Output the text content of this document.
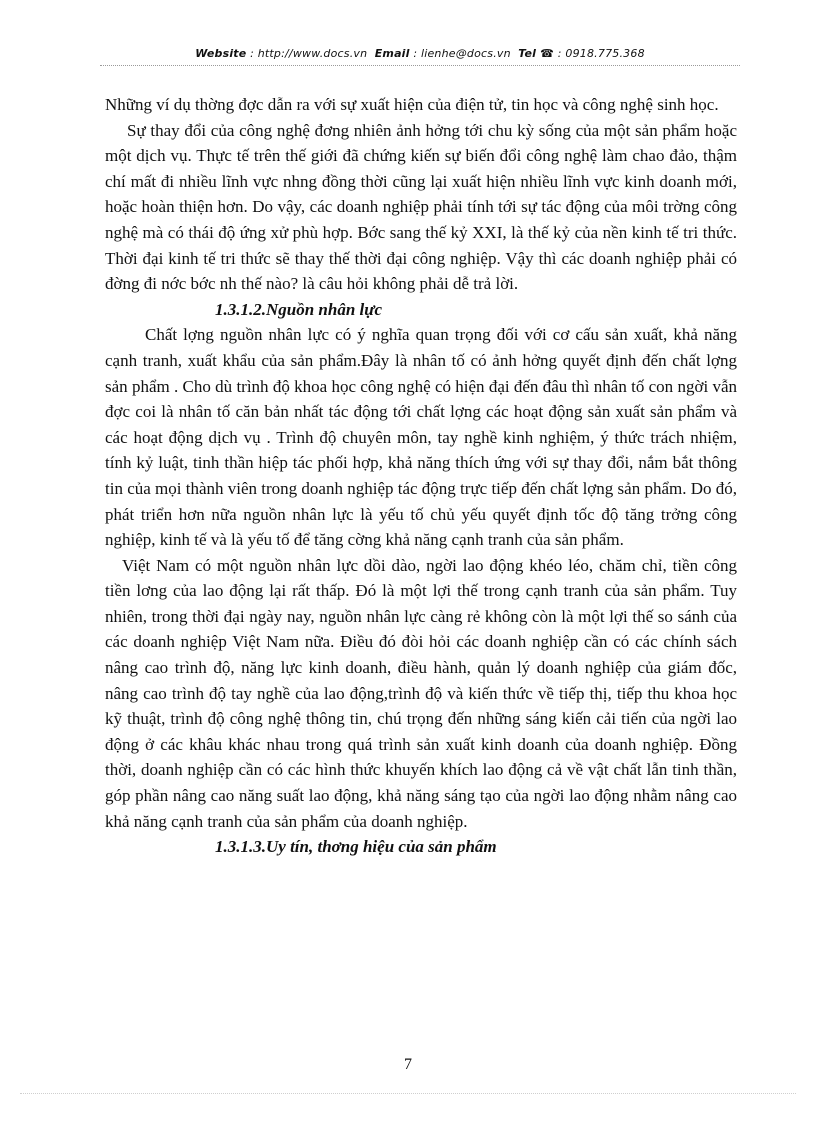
Website : http://www.docs.vn Email : lienhe@docs.vn Tel ☎ : 0918.775.368

Những ví dụ thờng đợc dẫn ra với sự xuất hiện của điện tử, tin học và công nghệ sinh học.

Sự thay đổi của công nghệ đơng nhiên ảnh hởng tới chu kỳ sống của một sản phẩm hoặc một dịch vụ. Thực tế trên thế giới đã chứng kiến sự biến đổi công nghệ làm chao đảo, thậm chí mất đi nhiều lĩnh vực nhng đồng thời cũng lại xuất hiện nhiều lĩnh vực kinh doanh mới, hoặc hoàn thiện hơn. Do vậy, các doanh nghiệp phải tính tới sự tác động của môi trờng công nghệ mà có thái độ ứng xử phù hợp. Bớc sang thế kỷ XXI, là thế kỷ của nền kinh tế tri thức. Thời đại kinh tế tri thức sẽ thay thế thời đại công nghiệp. Vậy thì các doanh nghiệp phải có đờng đi nớc bớc nh thế nào? là câu hỏi không phải dễ trả lời.

1.3.1.2.Nguồn nhân lực

Chất lợng nguồn nhân lực có ý nghĩa quan trọng đối với cơ cấu sản xuất, khả năng cạnh tranh, xuất khẩu của sản phẩm.Đây là nhân tố có ảnh hởng quyết định đến chất lợng sản phẩm . Cho dù trình độ khoa học công nghệ có hiện đại đến đâu thì nhân tố con ngời vẫn đợc coi là nhân tố căn bản nhất tác động tới chất lợng các hoạt động sản xuất sản phẩm và các hoạt động dịch vụ . Trình độ chuyên môn, tay nghề kinh nghiệm, ý thức trách nhiệm, tính kỷ luật, tinh thần hiệp tác phối hợp, khả năng thích ứng với sự thay đổi, nắm bắt thông tin của mọi thành viên trong doanh nghiệp tác động trực tiếp đến chất lợng sản phẩm. Do đó, phát triển hơn nữa nguồn nhân lực là yếu tố chủ yếu quyết định tốc độ tăng trởng công nghiệp, kinh tế và là yếu tố để tăng cờng khả năng cạnh tranh của sản phẩm.

Việt Nam có một nguồn nhân lực dồi dào, ngời lao động khéo léo, chăm chỉ, tiền công tiền lơng của lao động lại rất thấp. Đó là một lợi thế trong cạnh tranh của sản phẩm. Tuy nhiên, trong thời đại ngày nay, nguồn nhân lực càng rẻ không còn là một lợi thế so sánh của các doanh nghiệp Việt Nam nữa. Điều đó đòi hỏi các doanh nghiệp cần có các chính sách nâng cao trình độ, năng lực kinh doanh, điều hành, quản lý doanh nghiệp của giám đốc, nâng cao trình độ tay nghề của lao động,trình độ và kiến thức về tiếp thị, tiếp thu khoa học kỹ thuật, trình độ công nghệ thông tin, chú trọng đến những sáng kiến cải tiến của ngời lao động ở các khâu khác nhau trong quá trình sản xuất kinh doanh của doanh nghiệp. Đồng thời, doanh nghiệp cần có các hình thức khuyến khích lao động cả về vật chất lẫn tinh thần, góp phần nâng cao năng suất lao động, khả năng sáng tạo của ngời lao động nhằm nâng cao khả năng cạnh tranh của sản phẩm của doanh nghiệp.

1.3.1.3.Uy tín, thơng hiệu của sản phẩm

7
